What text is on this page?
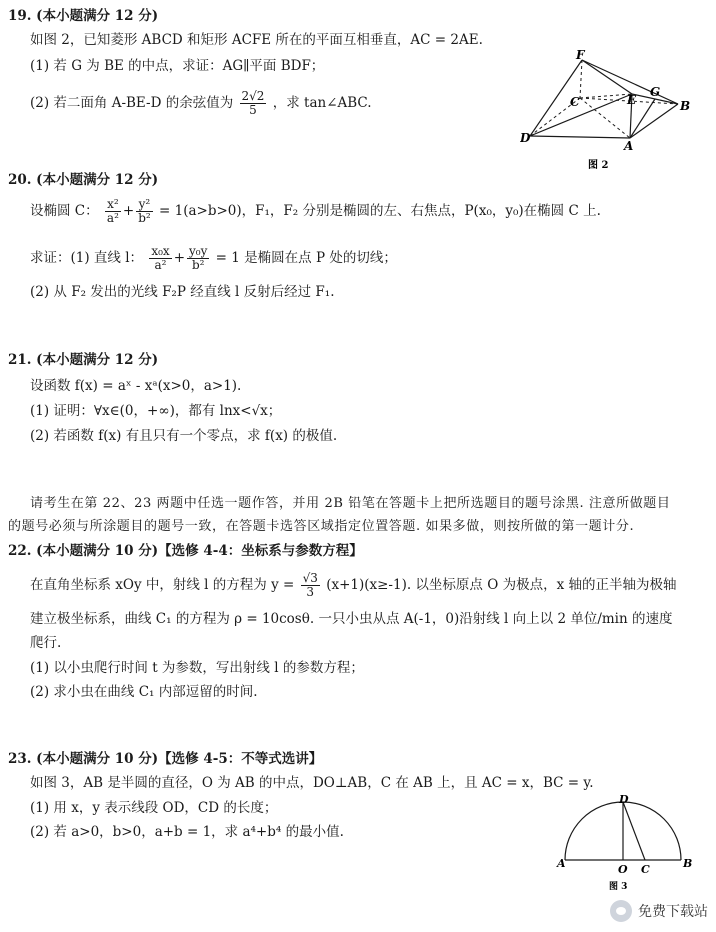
19. (本小题满分 12 分)
如图 2，已知菱形 ABCD 和矩形 ACFE 所在的平面互相垂直，AC = 2AE.
(1) 若 G 为 BE 的中点，求证：AG∥平面 BDF；
(2) 若二面角 A-BE-D 的余弦值为 $\frac{2√2}{5}$ ，求 tan∠ABC.
F
G
C	E	B
D
A
图 2
20. (本小题满分 12 分)
设椭圆 C： $\frac{\text{x²}}{\text{a²}} + \frac{\text{y²}}{\text{b²}} = 1(a>b>0)$，F₁，F₂ 分别是椭圆的左、右焦点，P(x₀，y₀)在椭圆 C 上.
求证：(1) 直线 l： $\frac{\text{x₀x}}{\text{a²}} + \frac{\text{y₀y}}{\text{b²}} = 1$ 是椭圆在点 P 处的切线；
(2) 从 F₂ 发出的光线 F₂P 经直线 l 反射后经过 F₁.
21. (本小题满分 12 分)
设函数 f(x) = aˣ - xᵃ(x>0，a>1).
(1) 证明：∀x∈(0，+∞)，都有 lnx<√x；
(2) 若函数 f(x) 有且只有一个零点，求 f(x) 的极值.
请考生在第 22、23 两题中任选一题作答，并用 2B 铅笔在答题卡上把所选题目的题号涂黑. 注意所做题目
的题号必须与所涂题目的题号一致，在答题卡选答区域指定位置答题. 如果多做，则按所做的第一题计分.
22. (本小题满分 10 分)【选修 4-4：坐标系与参数方程】
在直角坐标系 xOy 中，射线 l 的方程为 $y = \frac{√3}{3} (x+1)(x\ge-1)$. 以坐标原点 O 为极点，x 轴的正半轴为极轴
建立极坐标系，曲线 C₁ 的方程为 ρ = 10cosθ. 一只小虫从点 A(-1，0)沿射线 l 向上以 2 单位/min 的速度
爬行.
(1) 以小虫爬行时间 t 为参数，写出射线 l 的参数方程；
(2) 求小虫在曲线 C₁ 内部逗留的时间.
23. (本小题满分 10 分)【选修 4-5：不等式选讲】
如图 3，AB 是半圆的直径，O 为 AB 的中点，DO⊥AB，C 在 AB 上，且 AC = x，BC = y.
(1) 用 x，y 表示线段 OD，CD 的长度；
(2) 若 a>0，b>0，a+b = 1，求 a⁴+b⁴ 的最小值.
D
A	O C	B
图 3
免费下载站
